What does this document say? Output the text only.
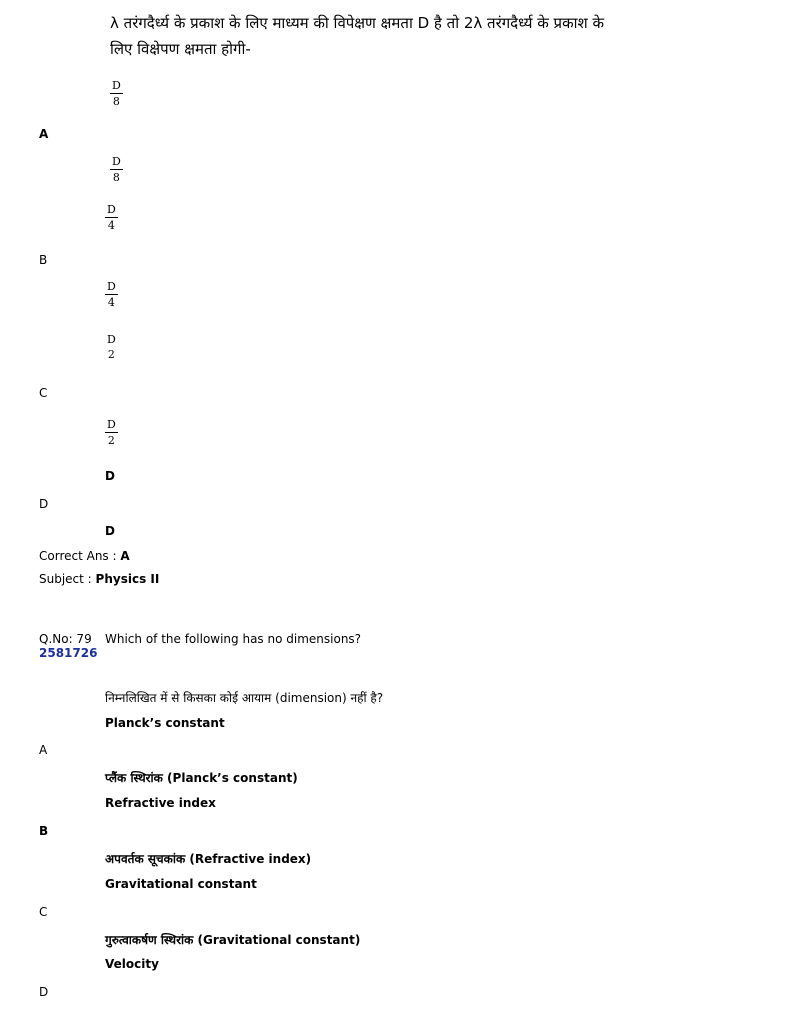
λ तरंगदैर्ध्य के प्रकाश के लिए माध्यम की विपेक्षण क्षमता D है तो 2λ तरंगदैर्ध्य के प्रकाश के
लिए विक्षेपण क्षमता होगी-
$\frac{D}{8}$
A
$\frac{D}{8}$
$\frac{D}{4}$
B
$\frac{D}{4}$
D
2
C
$\frac{D}{2}$
D
D
D
Correct Ans : A
Subject : Physics II
Q.No: 79 Which of the following has no dimensions?
2581726
निम्नलिखित में से किसका कोई आयाम (dimension) नहीं है?
Planck’s constant
A
प्लैंक स्थिरांक (Planck’s constant)
Refractive index
B
अपवर्तक सूचकांक (Refractive index)
Gravitational constant
C
गुरुत्वाकर्षण स्थिरांक (Gravitational constant)
Velocity
D
